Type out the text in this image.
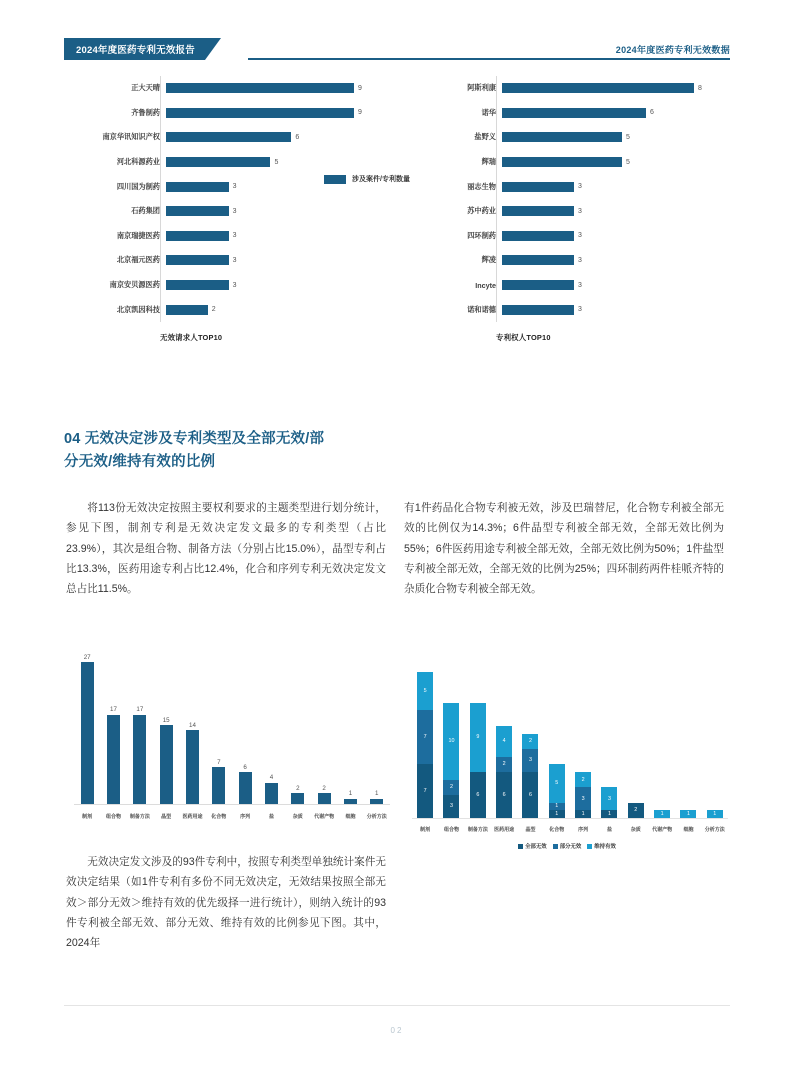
2024年度医药专利无效报告	2024年度医药专利无效数据
正大天晴	9
齐鲁制药	9
南京华讯知识产权	6
河北科源药业	5
四川国为制药	3
石药集团	3
南京瑞捷医药	3
北京福元医药	3
南京安贝源医药	3
北京凯因科技	2
无效请求人TOP10
阿斯利康	8
诺华	6
盐野义	5
辉瑞	5
丽志生物	3
苏中药业	3
四环制药	3
辉凌	3
Incyte	3
诺和诺德	3
专利权人TOP10
涉及案件/专利数量
04 无效决定涉及专利类型及全部无效/部
分无效/维持有效的比例

将113份无效决定按照主要权利要求的主题类型进行划分统计，参见下图，制剂专利是无效决定发文最多的专利类型（占比23.9%），其次是组合物、制备方法（分别占比15.0%），晶型专利占比13.3%，医药用途专利占比12.4%，化合和序列专利无效决定发文总占比11.5%。

有1件药品化合物专利被无效，涉及巴瑞替尼，化合物专利被全部无效的比例仅为14.3%；6件晶型专利被全部无效，全部无效比例为55%；6件医药用途专利被全部无效，全部无效比例为50%；1件盐型专利被全部无效，全部无效的比例为25%；四环制药两件桂哌齐特的杂质化合物专利被全部无效。

无效决定发文涉及的93件专利中，按照专利类型单独统计案件无效决定结果（如1件专利有多份不同无效决定，无效结果按照全部无效＞部分无效＞维持有效的优先级择一进行统计），则纳入统计的93件专利被全部无效、部分无效、维持有效的比例参见下图。其中，2024年

27
17	17
15
14
7
6
4
2	2
1	1
制剂	组合物	制备方法	晶型	医药用途	化合物	序列	盐	杂质	代谢产物	细胞	分析方法
5
7
7
10
2
3
9
6
4
2
6
2
3
6
5
1
1
2
3
1
3
1
2
1	1	1
制剂	组合物	制备方法	医药用途	晶型	化合物	序列	盐	杂质	代谢产物	细胞	分析方法
全部无效 部分无效 维持有效
02
